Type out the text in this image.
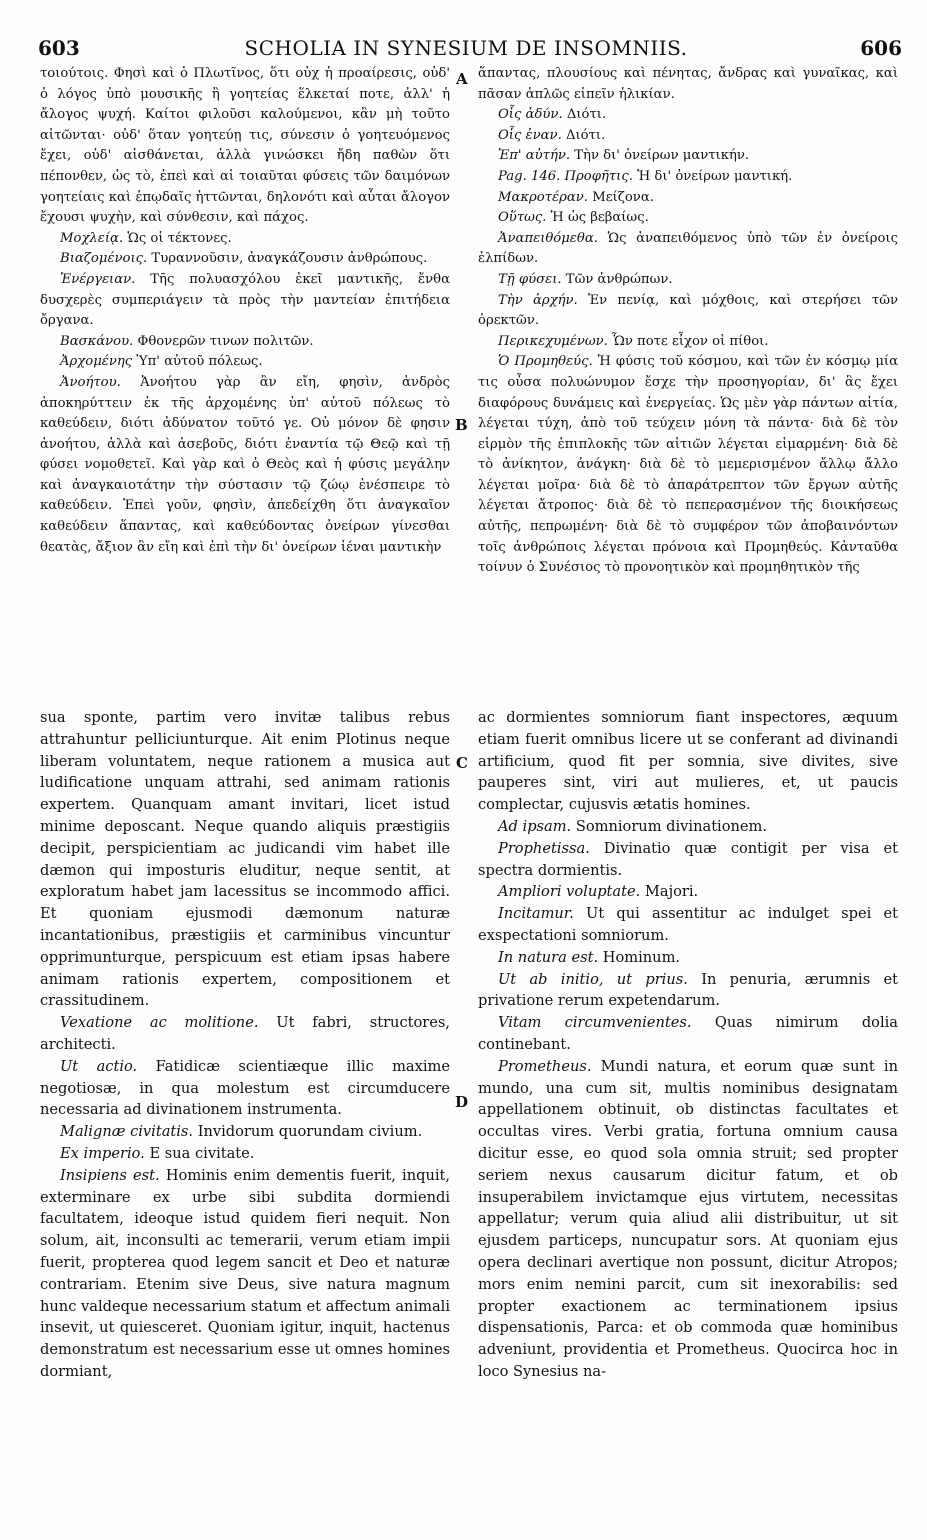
603	SCHOLIA IN SYNESIUM DE INSOMNIIS.	606
A
B
C
D

τοιούτοις. Φησὶ καὶ ὁ Πλωτῖνος, ὅτι οὐχ ἡ προαίρεσις, οὐδ' ὁ λόγος ὑπὸ μουσικῆς ἢ γοητείας ἕλκεταί ποτε, ἀλλ' ἡ ἄλογος ψυχή. Καίτοι φιλοῦσι καλούμενοι, κἂν μὴ τοῦτο αἰτῶνται· οὐδ' ὅταν γοητεύῃ τις, σύνεσιν ὁ γοητευόμενος ἔχει, οὐδ' αἰσθάνεται, ἀλλὰ γινώσκει ἤδη παθὼν ὅτι πέπονθεν, ὡς τὸ, ἐπεὶ καὶ αἱ τοιαῦται φύσεις τῶν δαιμόνων γοητείαις καὶ ἐπῳδαῖς ἡττῶνται, δηλονότι καὶ αὗται ἄλογον ἔχουσι ψυχὴν, καὶ σύνθεσιν, καὶ πάχος.

Μοχλείᾳ. Ὡς οἱ τέκτονες.

Βιαζομένοις. Τυραννοῦσιν, ἀναγκάζουσιν ἀνθρώπους.

Ἐνέργειαν. Τῆς πολυασχόλου ἐκεῖ μαντικῆς, ἔνθα δυσχερὲς συμπεριάγειν τὰ πρὸς τὴν μαντείαν ἐπιτήδεια ὄργανα.

Βασκάνου. Φθονερῶν τινων πολιτῶν.

Ἀρχομένης Ὑπ' αὐτοῦ πόλεως.

Ἀνοήτου. Ἀνοήτου γὰρ ἂν εἴη, φησὶν, ἀνδρὸς ἀποκηρύττειν ἐκ τῆς ἀρχομένης ὑπ' αὐτοῦ πόλεως τὸ καθεύδειν, διότι ἀδύνατον τοῦτό γε. Οὐ μόνον δὲ φησιν ἀνοήτου, ἀλλὰ καὶ ἀσεβοῦς, διότι ἐναντία τῷ Θεῷ καὶ τῇ φύσει νομοθετεῖ. Καὶ γὰρ καὶ ὁ Θεὸς καὶ ἡ φύσις μεγάλην καὶ ἀναγκαιοτάτην τὴν σύστασιν τῷ ζώῳ ἐνέσπειρε τὸ καθεύδειν. Ἐπεὶ γοῦν, φησὶν, ἀπεδείχθη ὅτι ἀναγκαῖον καθεύδειν ἅπαντας, καὶ καθεύδοντας ὀνείρων γίνεσθαι θεατὰς, ἄξιον ἂν εἴη καὶ ἐπὶ τὴν δι' ὀνείρων ἰέναι μαντικὴν

ἅπαντας, πλουσίους καὶ πένητας, ἄνδρας καὶ γυναῖκας, καὶ πᾶσαν ἁπλῶς εἰπεῖν ἡλικίαν.

Οἷς ἀδύν. Διότι.

Οἷς ἐναν. Διότι.

Ἐπ' αὐτήν. Τὴν δι' ὀνείρων μαντικήν.

Pag. 146. Προφῆτις. Ἡ δι' ὀνείρων μαντική.

Μακροτέραν. Μείζονα.

Οὕτως. Ἡ ὡς βεβαίως.

Ἀναπειθόμεθα. Ὡς ἀναπειθόμενος ὑπὸ τῶν ἐν ὀνείροις ἐλπίδων.

Τῇ φύσει. Τῶν ἀνθρώπων.

Τὴν ἀρχήν. Ἐν πενίᾳ, καὶ μόχθοις, καὶ στερήσει τῶν ὀρεκτῶν.

Περικεχυμένων. Ὧν ποτε εἶχον οἱ πίθοι.

Ὁ Προμηθεύς. Ἡ φύσις τοῦ κόσμου, καὶ τῶν ἐν κόσμῳ μία τις οὖσα πολυώνυμον ἔσχε τὴν προσηγορίαν, δι' ἃς ἔχει διαφόρους δυνάμεις καὶ ἐνεργείας. Ὡς μὲν γὰρ πάντων αἰτία, λέγεται τύχη, ἀπὸ τοῦ τεύχειν μόνη τὰ πάντα· διὰ δὲ τὸν εἱρμὸν τῆς ἐπιπλοκῆς τῶν αἰτιῶν λέγεται εἱμαρμένη· διὰ δὲ τὸ ἀνίκητον, ἀνάγκη· διὰ δὲ τὸ μεμερισμένον ἄλλῳ ἄλλο λέγεται μοῖρα· διὰ δὲ τὸ ἀπαράτρεπτον τῶν ἔργων αὐτῆς λέγεται ἄτροπος· διὰ δὲ τὸ πεπερασμένον τῆς διοικήσεως αὐτῆς, πεπρωμένη· διὰ δὲ τὸ συμφέρον τῶν ἀποβαινόντων τοῖς ἀνθρώποις λέγεται πρόνοια καὶ Προμηθεύς. Κἀνταῦθα τοίνυν ὁ Συνέσιος τὸ προνοητικὸν καὶ προμηθητικὸν τῆς

sua sponte, partim vero invitæ talibus rebus attrahuntur pelliciunturque. Ait enim Plotinus neque liberam voluntatem, neque rationem a musica aut ludificatione unquam attrahi, sed animam rationis expertem. Quanquam amant invitari, licet istud minime deposcant. Neque quando aliquis præstigiis decipit, perspicientiam ac judicandi vim habet ille dæmon qui imposturis eluditur, neque sentit, at exploratum habet jam lacessitus se incommodo affici. Et quoniam ejusmodi dæmonum naturæ incantationibus, præstigiis et carminibus vincuntur opprimunturque, perspicuum est etiam ipsas habere animam rationis expertem, compositionem et crassitudinem.

Vexatione ac molitione. Ut fabri, structores, architecti.

Ut actio. Fatidicæ scientiæque illic maxime negotiosæ, in qua molestum est circumducere necessaria ad divinationem instrumenta.

Malignæ civitatis. Invidorum quorundam civium.

Ex imperio. E sua civitate.

Insipiens est. Hominis enim dementis fuerit, inquit, exterminare ex urbe sibi subdita dormiendi facultatem, ideoque istud quidem fieri nequit. Non solum, ait, inconsulti ac temerarii, verum etiam impii fuerit, propterea quod legem sancit et Deo et naturæ contrariam. Etenim sive Deus, sive natura magnum hunc valdeque necessarium statum et affectum animali insevit, ut quiesceret. Quoniam igitur, inquit, hactenus demonstratum est necessarium esse ut omnes homines dormiant,

ac dormientes somniorum fiant inspectores, æquum etiam fuerit omnibus licere ut se conferant ad divinandi artificium, quod fit per somnia, sive divites, sive pauperes sint, viri aut mulieres, et, ut paucis complectar, cujusvis ætatis homines.

Ad ipsam. Somniorum divinationem.

Prophetissa. Divinatio quæ contigit per visa et spectra dormientis.

Ampliori voluptate. Majori.

Incitamur. Ut qui assentitur ac indulget spei et exspectationi somniorum.

In natura est. Hominum.

Ut ab initio, ut prius. In penuria, ærumnis et privatione rerum expetendarum.

Vitam circumvenientes. Quas nimirum dolia continebant.

Prometheus. Mundi natura, et eorum quæ sunt in mundo, una cum sit, multis nominibus designatam appellationem obtinuit, ob distinctas facultates et occultas vires. Verbi gratia, fortuna omnium causa dicitur esse, eo quod sola omnia struit; sed propter seriem nexus causarum dicitur fatum, et ob insuperabilem invictamque ejus virtutem, necessitas appellatur; verum quia aliud alii distribuitur, ut sit ejusdem particeps, nuncupatur sors. At quoniam ejus opera declinari avertique non possunt, dicitur Atropos; mors enim nemini parcit, cum sit inexorabilis: sed propter exactionem ac terminationem ipsius dispensationis, Parca: et ob commoda quæ hominibus adveniunt, providentia et Prometheus. Quocirca hoc in loco Synesius na-
